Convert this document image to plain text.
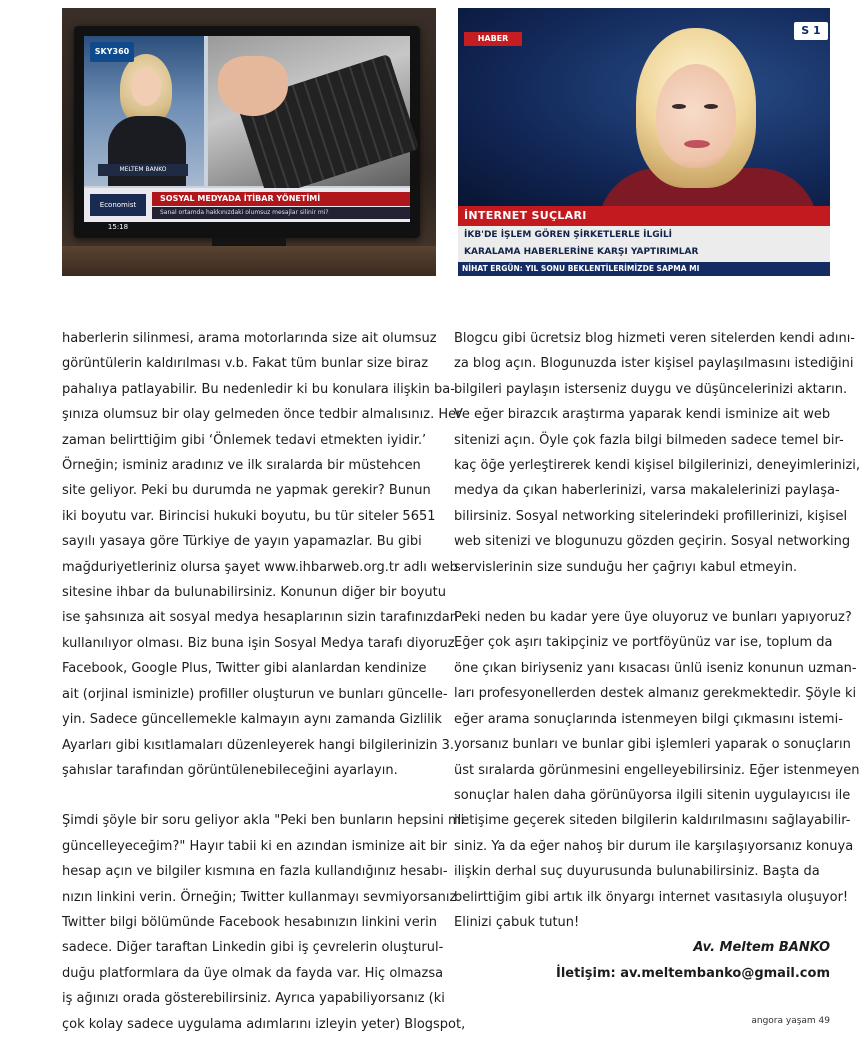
SKY360
MELTEM BANKO
Economist 15:18
SOSYAL MEDYADA İTİBAR YÖNETİMİ
Sanal ortamda hakkınızdaki olumsuz mesajlar silinir mi?
HABER
S 1
İNTERNET SUÇLARI
İKB'DE İŞLEM GÖREN ŞİRKETLERLE İLGİLİ
KARALAMA HABERLERİNE KARŞI YAPTIRIMLAR
NİHAT ERGÜN: YIL SONU BEKLENTİLERİMİZDE SAPMA MI

haberlerin silinmesi, arama motorlarında size ait olumsuz

görüntülerin kaldırılması v.b. Fakat tüm bunlar size biraz

pahalıya patlayabilir. Bu nedenledir ki bu konulara ilişkin ba-

şınıza olumsuz bir olay gelmeden önce tedbir almalısınız. Her

zaman belirttiğim gibi ‘Önlemek tedavi etmekten iyidir.’

Örneğin; isminiz aradınız ve ilk sıralarda bir müstehcen

site geliyor. Peki bu durumda ne yapmak gerekir? Bunun

iki boyutu var. Birincisi hukuki boyutu, bu tür siteler 5651

sayılı yasaya göre Türkiye de yayın yapamazlar. Bu gibi

mağduriyetleriniz olursa şayet www.ihbarweb.org.tr adlı web

sitesine ihbar da bulunabilirsiniz. Konunun diğer bir boyutu

ise şahsınıza ait sosyal medya hesaplarının sizin tarafınızdan

kullanılıyor olması. Biz buna işin Sosyal Medya tarafı diyoruz.

Facebook, Google Plus, Twitter gibi alanlardan kendinize

ait (orjinal isminizle) profiller oluşturun ve bunları güncelle-

yin. Sadece güncellemekle kalmayın aynı zamanda Gizlilik

Ayarları gibi kısıtlamaları düzenleyerek hangi bilgilerinizin 3.

şahıslar tarafından görüntülenebileceğini ayarlayın.

Şimdi şöyle bir soru geliyor akla "Peki ben bunların hepsini mi

güncelleyeceğim?" Hayır tabii ki en azından isminize ait bir

hesap açın ve bilgiler kısmına en fazla kullandığınız hesabı-

nızın linkini verin. Örneğin; Twitter kullanmayı sevmiyorsanız

Twitter bilgi bölümünde Facebook hesabınızın linkini verin

sadece. Diğer taraftan Linkedin gibi iş çevrelerin oluşturul-

duğu platformlara da üye olmak da fayda var. Hiç olmazsa

iş ağınızı orada gösterebilirsiniz. Ayrıca yapabiliyorsanız (ki

çok kolay sadece uygulama adımlarını izleyin yeter) Blogspot,

Blogcu gibi ücretsiz blog hizmeti veren sitelerden kendi adını-

za blog açın. Blogunuzda ister kişisel paylaşılmasını istediğini

bilgileri paylaşın isterseniz duygu ve düşüncelerinizi aktarın.

Ve eğer birazcık araştırma yaparak kendi isminize ait web

sitenizi açın. Öyle çok fazla bilgi bilmeden sadece temel bir-

kaç öğe yerleştirerek kendi kişisel bilgilerinizi, deneyimlerinizi,

medya da çıkan haberlerinizi, varsa makalelerinizi paylaşa-

bilirsiniz. Sosyal networking sitelerindeki profillerinizi, kişisel

web sitenizi ve blogunuzu gözden geçirin. Sosyal networking

servislerinin size sunduğu her çağrıyı kabul etmeyin.

Peki neden bu kadar yere üye oluyoruz ve bunları yapıyoruz?

Eğer çok aşırı takipçiniz ve portföyünüz var ise, toplum da

öne çıkan biriyseniz yanı kısacası ünlü iseniz konunun uzman-

ları profesyonellerden destek almanız gerekmektedir. Şöyle ki

eğer arama sonuçlarında istenmeyen bilgi çıkmasını istemi-

yorsanız bunları ve bunlar gibi işlemleri yaparak o sonuçların

üst sıralarda görünmesini engelleyebilirsiniz. Eğer istenmeyen

sonuçlar halen daha görünüyorsa ilgili sitenin uygulayıcısı ile

iletişime geçerek siteden bilgilerin kaldırılmasını sağlayabilir-

siniz. Ya da eğer nahoş bir durum ile karşılaşıyorsanız konuya

ilişkin derhal suç duyurusunda bulunabilirsiniz. Başta da

belirttiğim gibi artık ilk önyargı internet vasıtasıyla oluşuyor!

Elinizi çabuk tutun!

Av. Meltem BANKO
İletişim: av.meltembanko@gmail.com
angora yaşam 49
